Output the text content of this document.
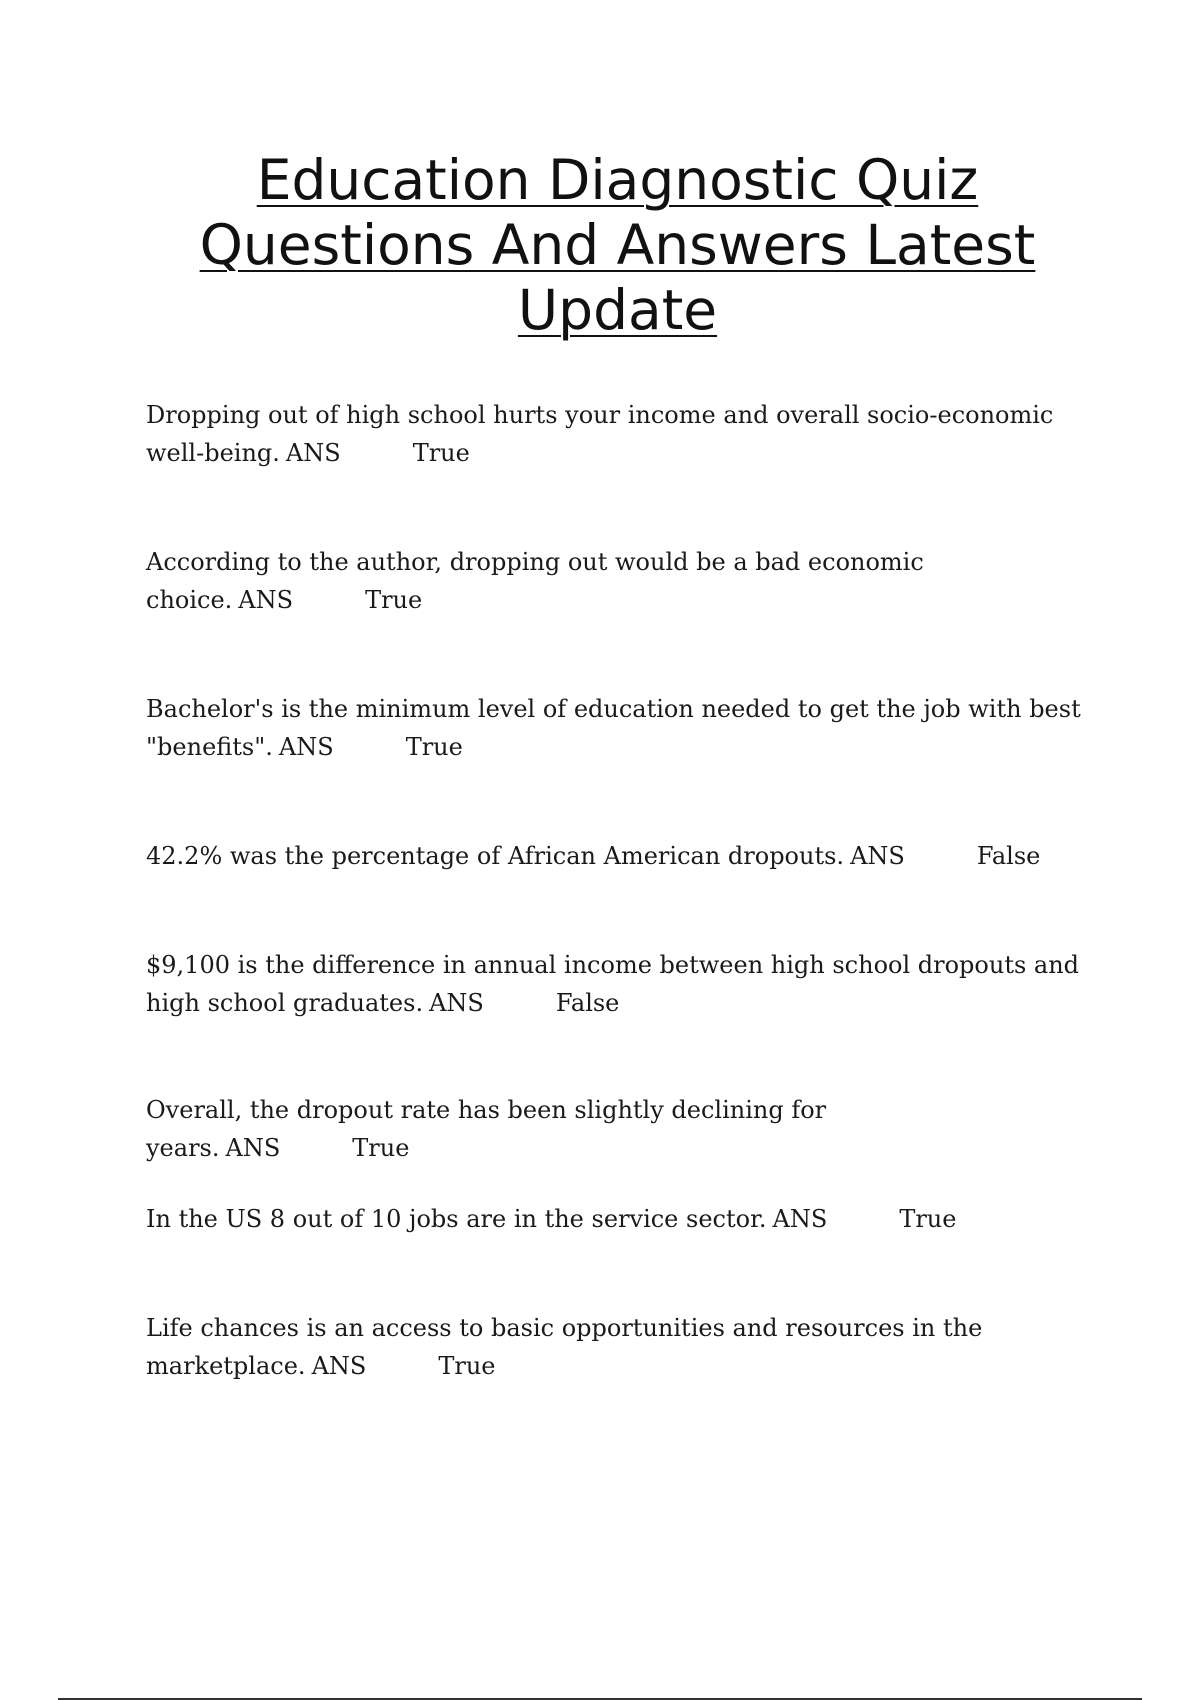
Education Diagnostic Quiz Questions And Answers Latest Update
Dropping out of high school hurts your income and overall socio-economic well-being. ANS	True
According to the author, dropping out would be a bad economic choice. ANS	True
Bachelor's is the minimum level of education needed to get the job with best "benefits". ANS	True
42.2% was the percentage of African American dropouts. ANS	False
$9,100 is the difference in annual income between high school dropouts and high school graduates. ANS	False
Overall, the dropout rate has been slightly declining for years. ANS	True
In the US 8 out of 10 jobs are in the service sector. ANS	True
Life chances is an access to basic opportunities and resources in the marketplace. ANS	True
